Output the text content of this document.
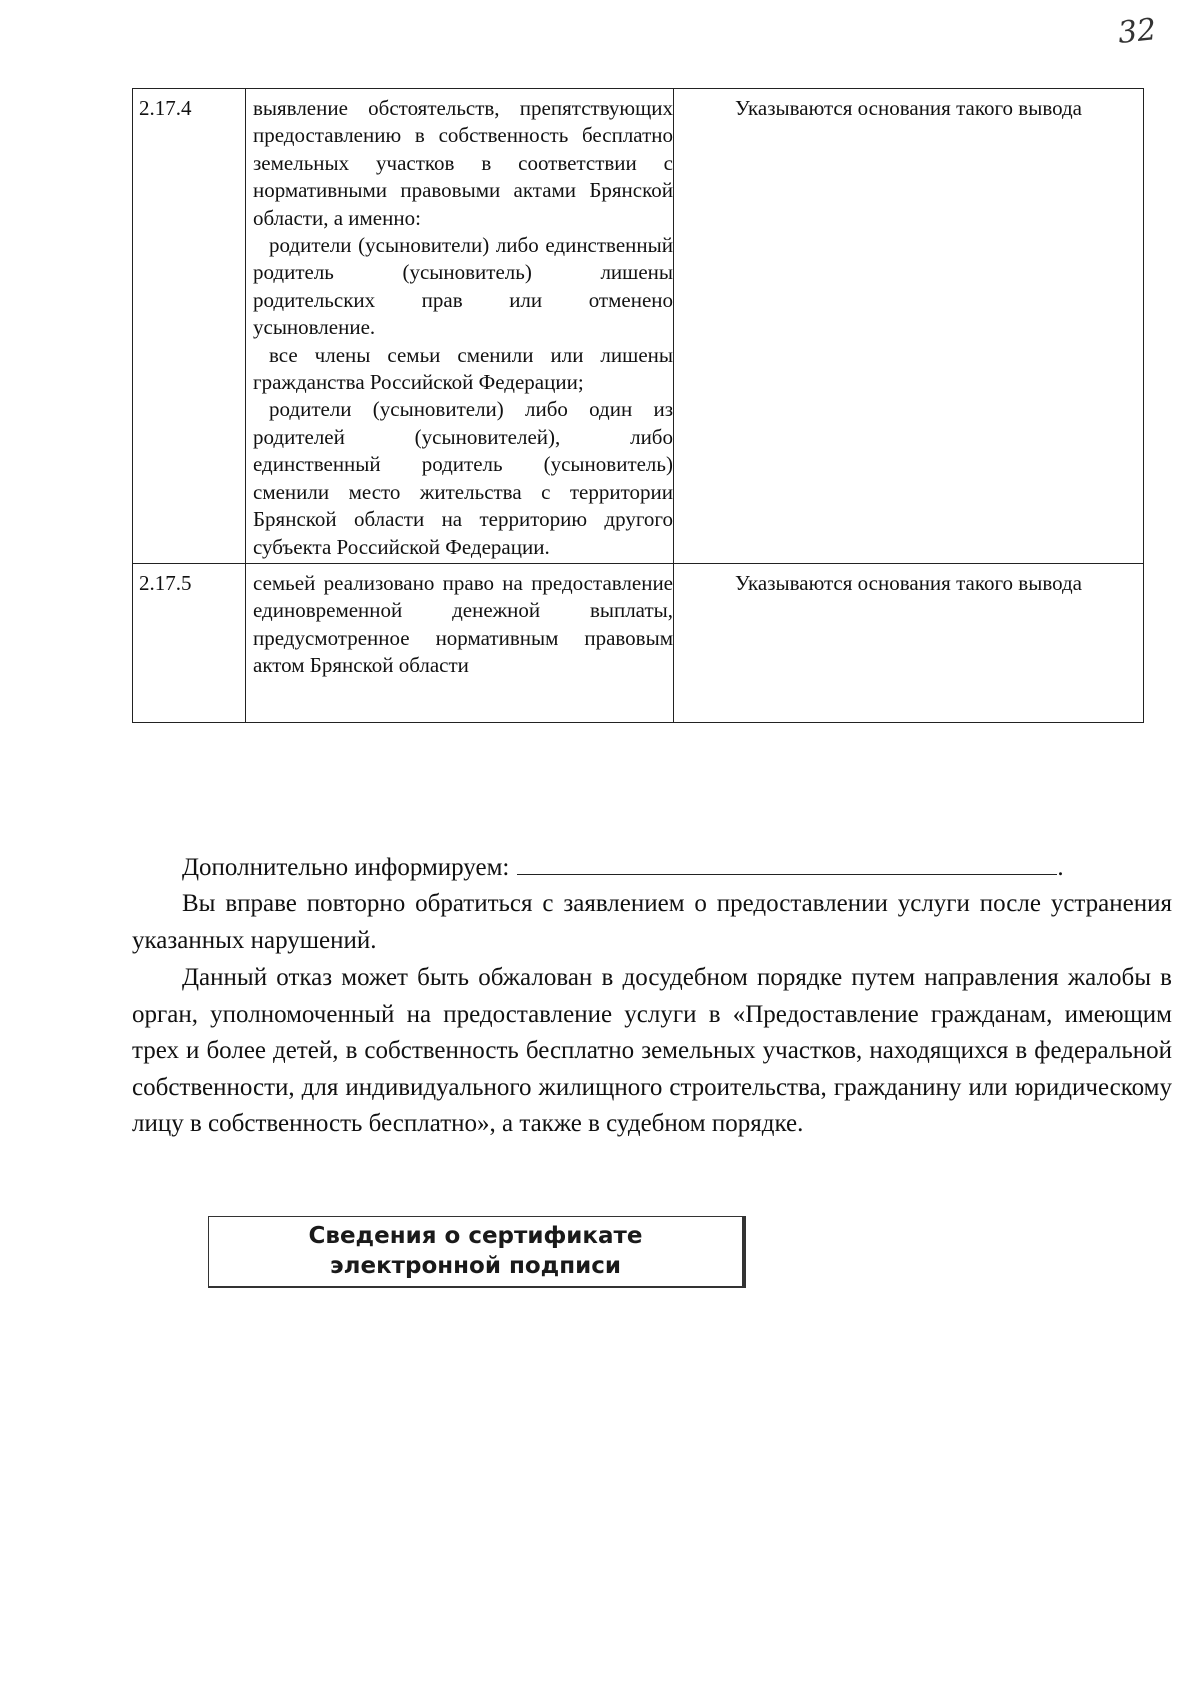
32
2.17.4	выявление обстоятельств, препятствующих предоставлению в собственность бесплатно земельных участков в соответствии с нормативными правовыми актами Брянской области, а именно:
родители (усыновители) либо единственный родитель (усыновитель) лишены родительских прав или отменено усыновление.
все члены семьи сменили или лишены гражданства Российской Федерации;
родители (усыновители) либо один из родителей (усыновителей), либо единственный родитель (усыновитель) сменили место жительства с территории Брянской области на территорию другого субъекта Российской Федерации.	Указываются основания такого вывода
2.17.5	семьей реализовано право на предоставление единовременной денежной выплаты, предусмотренное нормативным правовым актом Брянской области	Указываются основания такого вывода

Дополнительно информируем:	.

Вы вправе повторно обратиться с заявлением о предоставлении услуги после устранения указанных нарушений.

Данный отказ может быть обжалован в досудебном порядке путем направления жалобы в орган, уполномоченный на предоставление услуги в «Предоставление гражданам, имеющим трех и более детей, в собственность бесплатно земельных участков, находящихся в федеральной собственности, для индивидуального жилищного строительства, гражданину или юридическому лицу в собственность бесплатно», а также в судебном порядке.

Сведения о сертификате
электронной подписи
